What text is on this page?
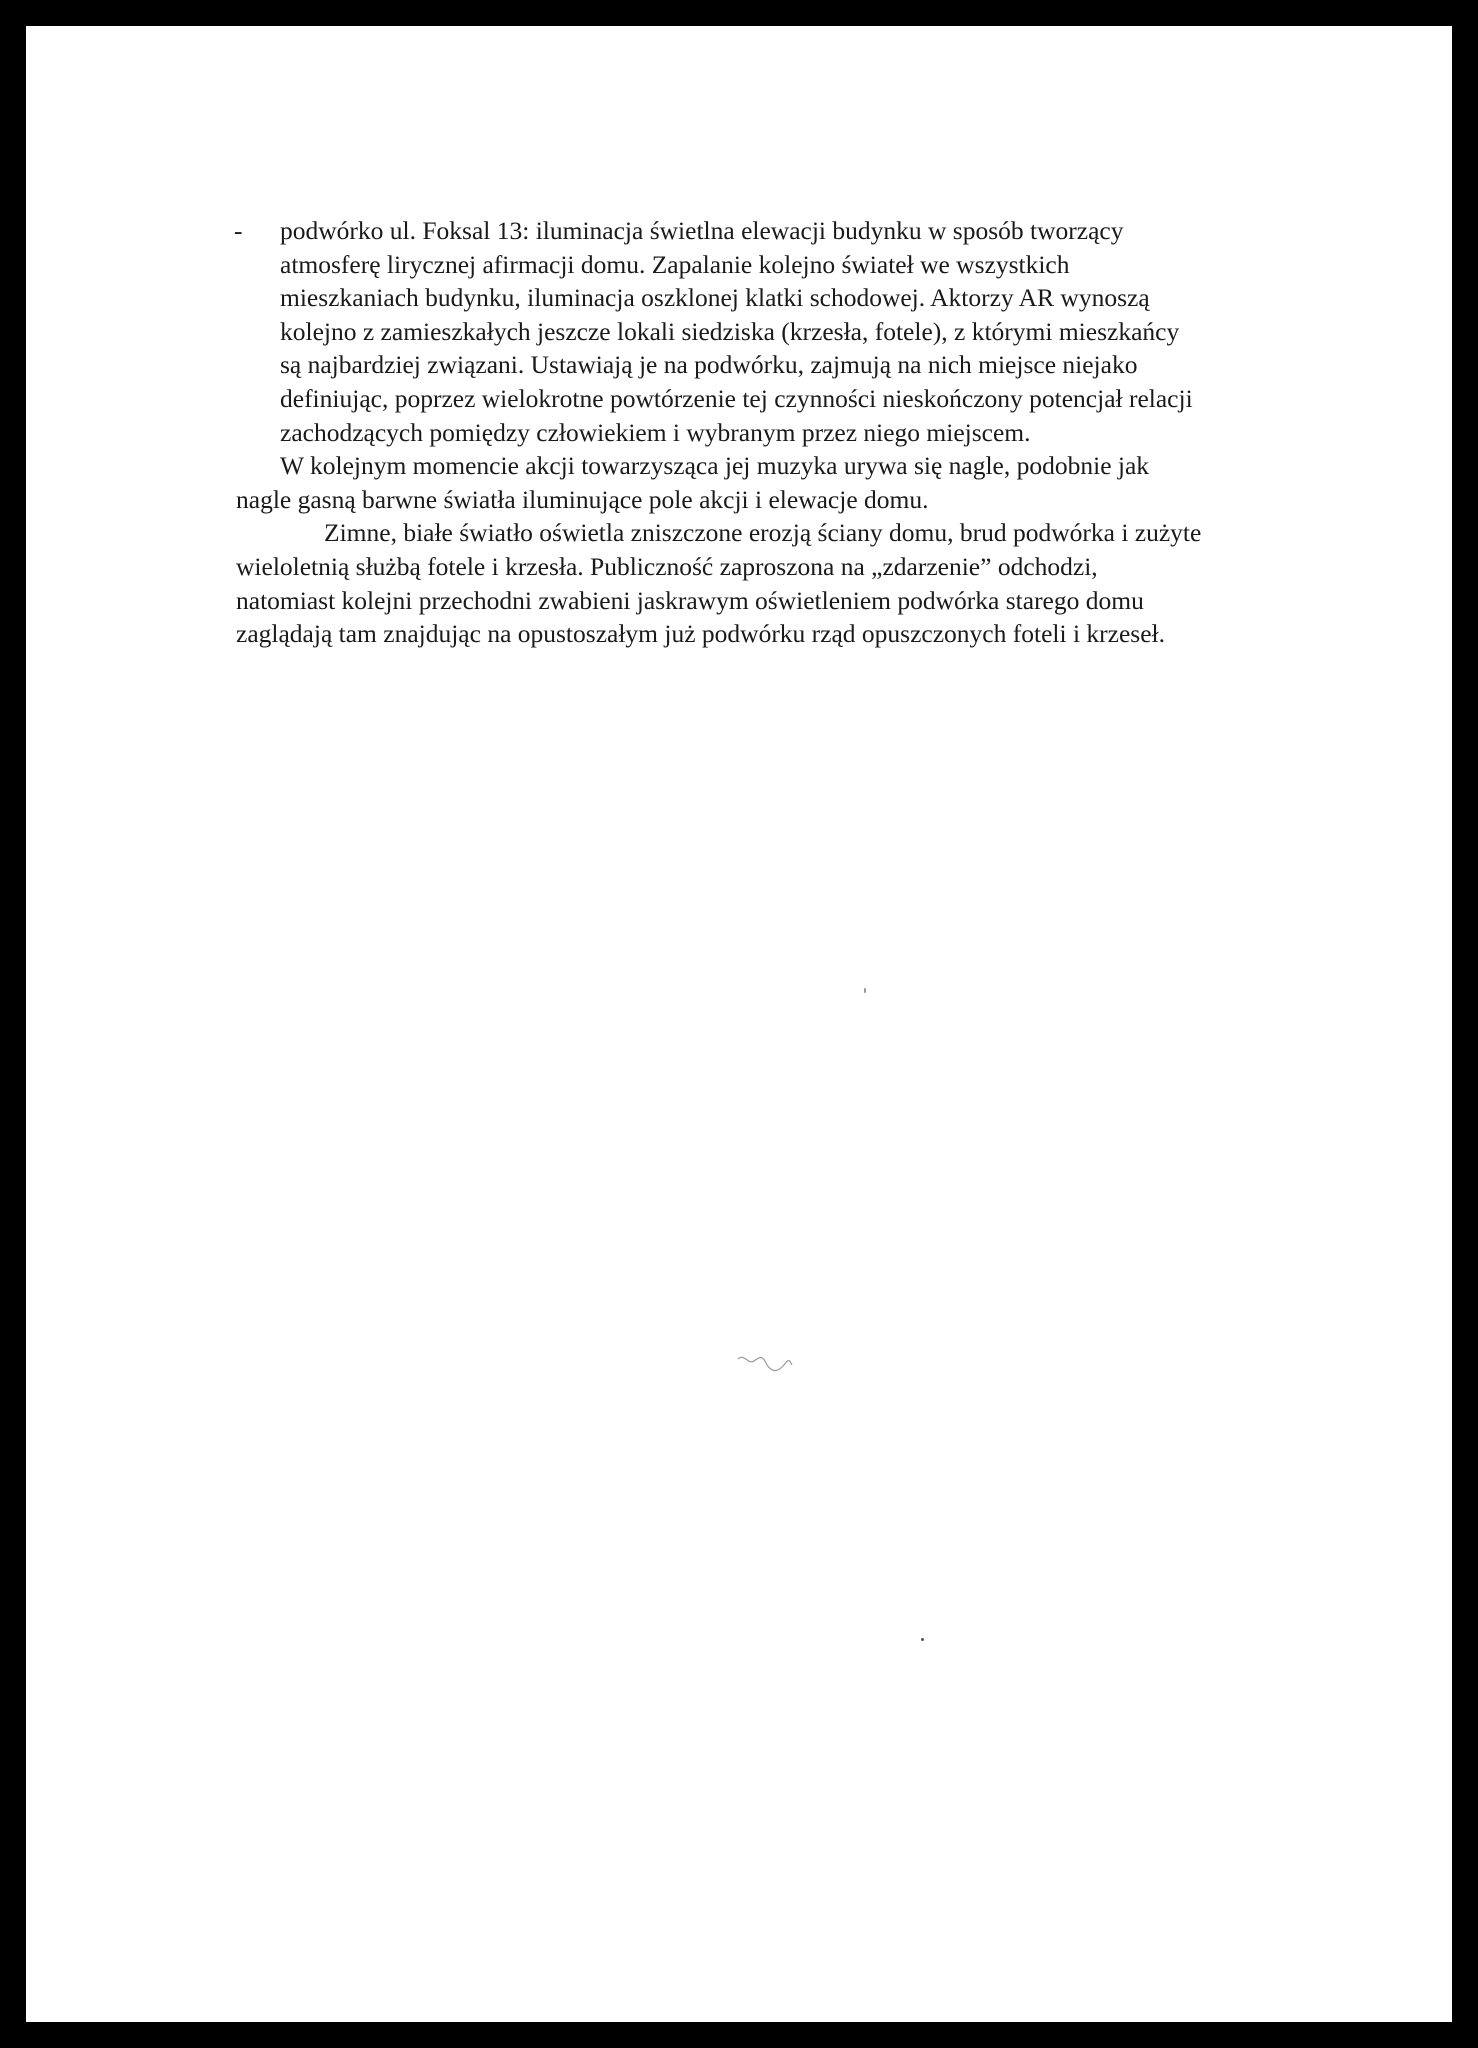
-	podwórko ul. Foksal 13: iluminacja świetlna elewacji budynku w sposób tworzący
atmosferę lirycznej afirmacji domu. Zapalanie kolejno świateł we wszystkich
mieszkaniach budynku, iluminacja oszklonej klatki schodowej. Aktorzy AR wynoszą
kolejno z zamieszkałych jeszcze lokali siedziska (krzesła, fotele), z którymi mieszkańcy
są najbardziej związani. Ustawiają je na podwórku, zajmują na nich miejsce niejako
definiując, poprzez wielokrotne powtórzenie tej czynności nieskończony potencjał relacji
zachodzących pomiędzy człowiekiem i wybranym przez niego miejscem.
W kolejnym momencie akcji towarzysząca jej muzyka urywa się nagle, podobnie jak
nagle gasną barwne światła iluminujące pole akcji i elewacje domu.
Zimne, białe światło oświetla zniszczone erozją ściany domu, brud podwórka i zużyte
wieloletnią służbą fotele i krzesła. Publiczność zaproszona na „zdarzenie” odchodzi,
natomiast kolejni przechodni zwabieni jaskrawym oświetleniem podwórka starego domu
zaglądają tam znajdując na opustoszałym już podwórku rząd opuszczonych foteli i krzeseł.
